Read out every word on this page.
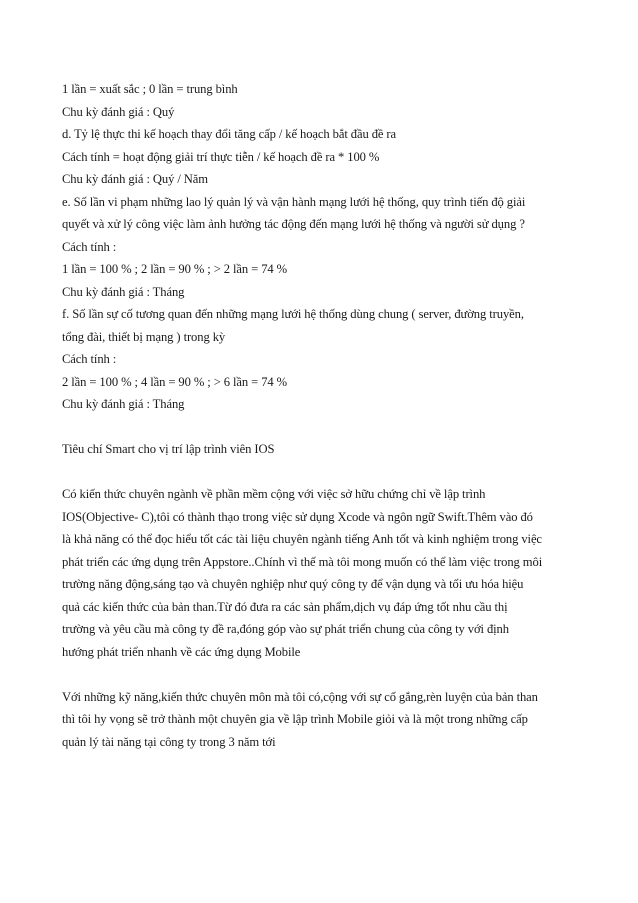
1 lần = xuất sắc ; 0 lần = trung bình
Chu kỳ đánh giá : Quý
d. Tỷ lệ thực thi kế hoạch thay đổi tăng cấp / kế hoạch bắt đầu đề ra
Cách tính = hoạt động giải trí thực tiễn / kế hoạch đề ra * 100 %
Chu kỳ đánh giá : Quý / Năm
e. Số lần vi phạm những lao lý quản lý và vận hành mạng lưới hệ thống, quy trình tiến độ giải
quyết và xử lý công việc làm ảnh hưởng tác động đến mạng lưới hệ thống và người sử dụng ?
Cách tính :
1 lần = 100 % ; 2 lần = 90 % ; > 2 lần = 74 %
Chu kỳ đánh giá : Tháng
f. Số lần sự cố tương quan đến những mạng lưới hệ thống dùng chung ( server, đường truyền,
tổng đài, thiết bị mạng ) trong kỳ
Cách tính :
2 lần = 100 % ; 4 lần = 90 % ; > 6 lần = 74 %
Chu kỳ đánh giá : Tháng
Tiêu chí Smart cho vị trí lập trình viên IOS
Có kiến thức chuyên ngành về phần mềm cộng với việc sở hữu chứng chỉ về lập trình
IOS(Objective- C),tôi có thành thạo trong việc sử dụng Xcode và ngôn ngữ Swift.Thêm vào đó
là khả năng có thể đọc hiểu tốt các tài liệu chuyên ngành tiếng Anh tốt và kinh nghiệm trong việc
phát triển các ứng dụng trên Appstore..Chính vì thế mà tôi mong muốn có thể làm việc trong môi
trường năng động,sáng tạo và chuyên nghiệp như quý công ty để vận dụng và tối ưu hóa hiệu
quả các kiến thức của bản than.Từ đó đưa ra các sản phẩm,dịch vụ đáp ứng tốt nhu cầu thị
trường và yêu cầu mà công ty đề ra,đóng góp vào sự phát triển chung của công ty với định
hướng phát triển nhanh về các ứng dụng Mobile
Với những kỹ năng,kiến thức chuyên môn mà tôi có,cộng với sự cố gắng,rèn luyện của bản than
thì tôi hy vọng sẽ trở thành một chuyên gia về lập trình Mobile giỏi và là một trong những cấp
quản lý tài năng tại công ty trong 3 năm tới
